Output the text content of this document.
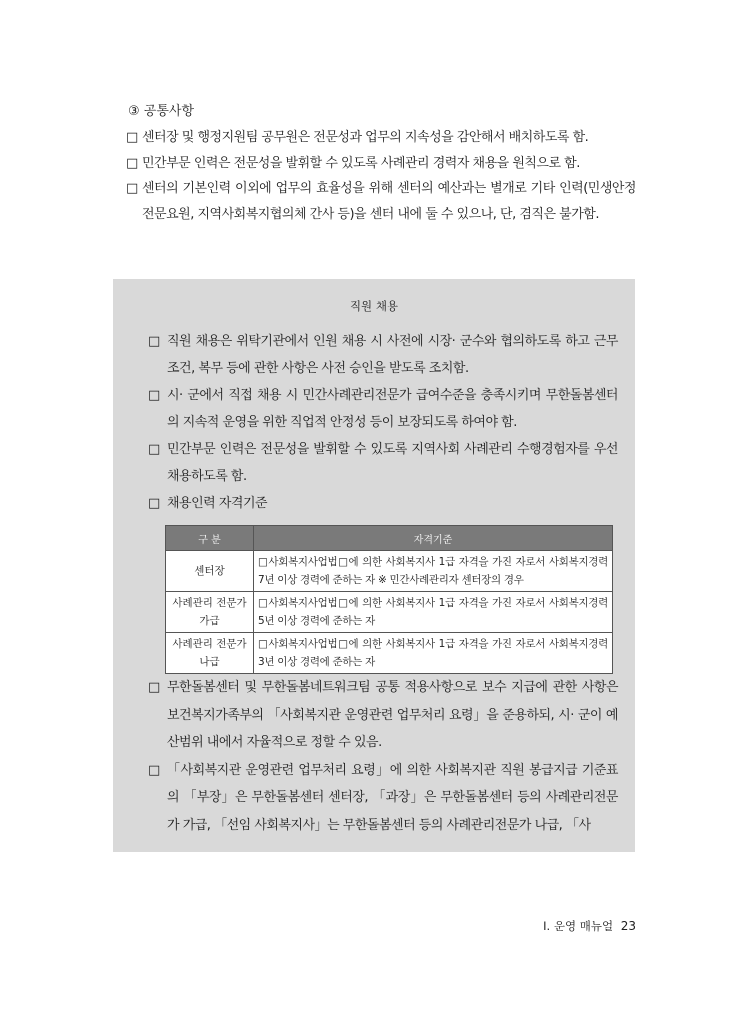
③ 공통사항
□ 센터장 및 행정지원팀 공무원은 전문성과 업무의 지속성을 감안해서 배치하도록 함.
□ 민간부문 인력은 전문성을 발휘할 수 있도록 사례관리 경력자 채용을 원칙으로 함.
□ 센터의 기본인력 이외에 업무의 효율성을 위해 센터의 예산과는 별개로 기타 인력(민생안정전문요원, 지역사회복지협의체 간사 등)을 센터 내에 둘 수 있으나, 단, 겸직은 불가함.
직원 채용
□ 직원 채용은 위탁기관에서 인원 채용 시 사전에 시장· 군수와 협의하도록 하고 근무조건, 복무 등에 관한 사항은 사전 승인을 받도록 조치함.
□ 시· 군에서 직접 채용 시 민간사례관리전문가 급여수준을 충족시키며 무한돌봄센터의 지속적 운영을 위한 직업적 안정성 등이 보장되도록 하여야 함.
□ 민간부문 인력은 전문성을 발휘할 수 있도록 지역사회 사례관리 수행경험자를 우선 채용하도록 함.
□ 채용인력 자격기준
구 분	자격기준
센터장	□사회복지사업법□에 의한 사회복지사 1급 자격을 가진 자로서 사회복지경력 7년 이상 경력에 준하는 자 ※ 민간사례관리자 센터장의 경우
사례관리 전문가 가급	□사회복지사업법□에 의한 사회복지사 1급 자격을 가진 자로서 사회복지경력 5년 이상 경력에 준하는 자
사례관리 전문가 나급	□사회복지사업법□에 의한 사회복지사 1급 자격을 가진 자로서 사회복지경력 3년 이상 경력에 준하는 자
□ 무한돌봄센터 및 무한돌봄네트워크팀 공통 적용사항으로 보수 지급에 관한 사항은 보건복지가족부의 「사회복지관 운영관련 업무처리 요령」을 준용하되, 시· 군이 예산범위 내에서 자율적으로 정할 수 있음.
□ 「사회복지관 운영관련 업무처리 요령」에 의한 사회복지관 직원 봉급지급 기준표의 「부장」은 무한돌봄센터 센터장, 「과장」은 무한돌봄센터 등의 사례관리전문가 가급, 「선임 사회복지사」는 무한돌봄센터 등의 사례관리전문가 나급, 「사
Ⅰ. 운영 매뉴얼 23
